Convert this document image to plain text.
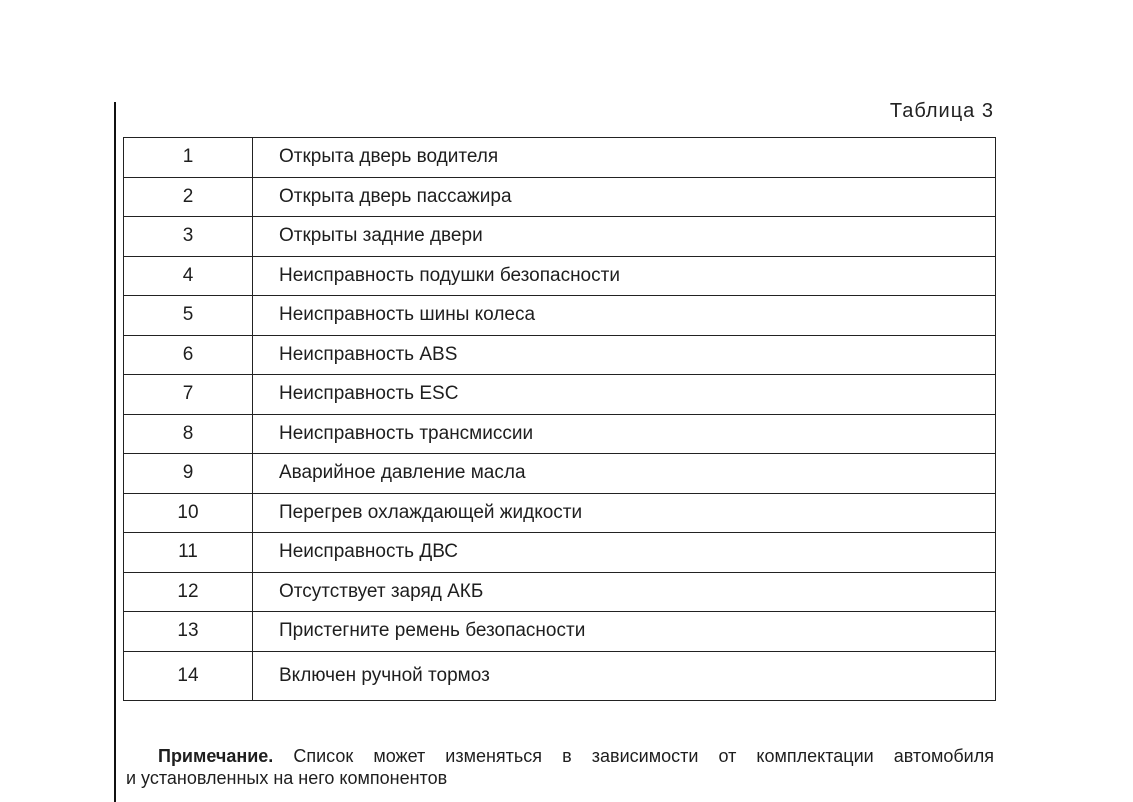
Таблица 3
1	Открыта дверь водителя
2	Открыта дверь пассажира
3	Открыты задние двери
4	Неисправность подушки безопасности
5	Неисправность шины колеса
6	Неисправность ABS
7	Неисправность ESC
8	Неисправность трансмиссии
9	Аварийное давление масла
10	Перегрев охлаждающей жидкости
11	Неисправность ДВС
12	Отсутствует заряд АКБ
13	Пристегните ремень безопасности
14	Включен ручной тормоз
Примечание. Список может изменяться в зависимости от комплектации автомобиля
и установленных на него компонентов
